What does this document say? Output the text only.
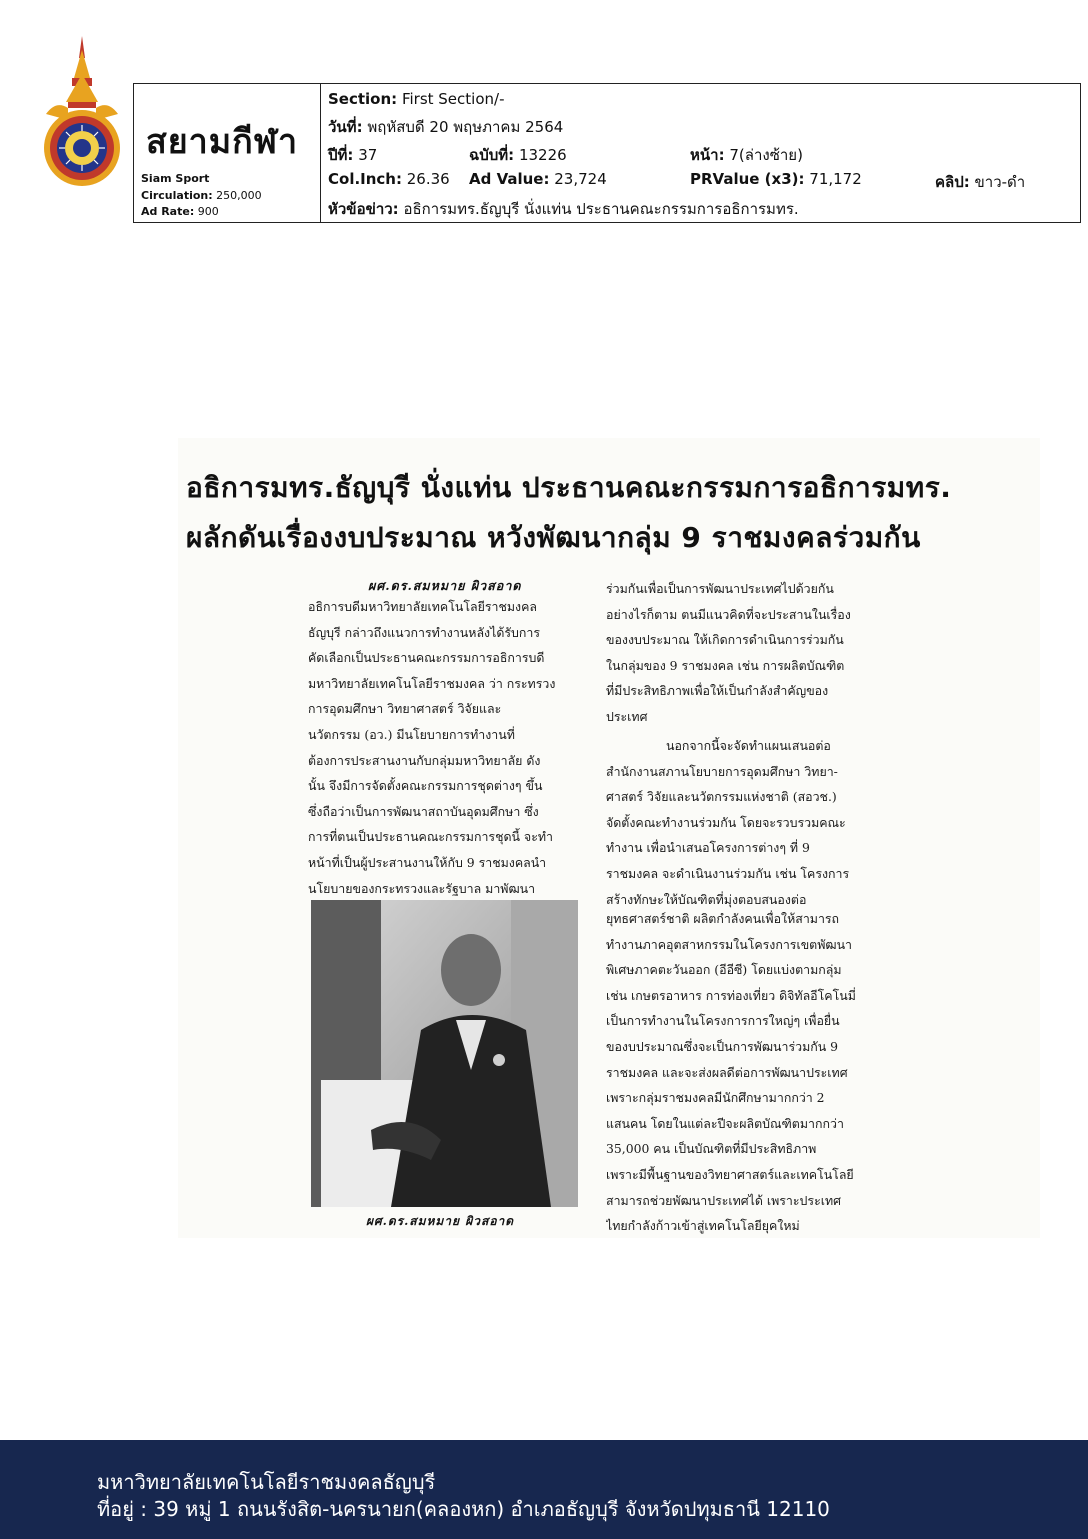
สยามกีฬา
Siam Sport
Circulation: 250,000
Ad Rate: 900
Section: First Section/-
วันที่: พฤหัสบดี 20 พฤษภาคม 2564
ปีที่: 37	ฉบับที่: 13226	หน้า: 7(ล่างซ้าย)
Col.Inch: 26.36 Ad Value: 23,724	PRValue (x3): 71,172	คลิป: ขาว-ดำ
หัวข้อข่าว: อธิการมทร.ธัญบุรี นั่งแท่น ประธานคณะกรรมการอธิการมทร.
อธิการมทร.ธัญบุรี นั่งแท่น ประธานคณะกรรมการอธิการมทร.
ผลักดันเรื่องงบประมาณ หวังพัฒนากลุ่ม 9 ราชมงคลร่วมกัน
ผศ.ดร.สมหมาย ผิวสอาด
อธิการบดีมหาวิทยาลัยเทคโนโลยีราชมงคล
ธัญบุรี กล่าวถึงแนวการทำงานหลังได้รับการ
คัดเลือกเป็นประธานคณะกรรมการอธิการบดี
มหาวิทยาลัยเทคโนโลยีราชมงคล ว่า กระทรวง
การอุดมศึกษา วิทยาศาสตร์ วิจัยและ
นวัตกรรม (อว.) มีนโยบายการทำงานที่
ต้องการประสานงานกับกลุ่มมหาวิทยาลัย ดัง
นั้น จึงมีการจัดตั้งคณะกรรมการชุดต่างๆ ขึ้น
ซึ่งถือว่าเป็นการพัฒนาสถาบันอุดมศึกษา ซึ่ง
การที่ตนเป็นประธานคณะกรรมการชุดนี้ จะทำ
หน้าที่เป็นผู้ประสานงานให้กับ 9 ราชมงคลนำ
นโยบายของกระทรวงและรัฐบาล มาพัฒนา
ร่วมกันเพื่อเป็นการพัฒนาประเทศไปด้วยกัน
อย่างไรก็ตาม ตนมีแนวคิดที่จะประสานในเรื่อง
ของงบประมาณ ให้เกิดการดำเนินการร่วมกัน
ในกลุ่มของ 9 ราชมงคล เช่น การผลิตบัณฑิต
ที่มีประสิทธิภาพเพื่อให้เป็นกำลังสำคัญของ
ประเทศ
นอกจากนี้จะจัดทำแผนเสนอต่อ
สำนักงานสภานโยบายการอุดมศึกษา วิทยา-
ศาสตร์ วิจัยและนวัตกรรมแห่งชาติ (สอวช.)
จัดตั้งคณะทำงานร่วมกัน โดยจะรวบรวมคณะ
ทำงาน เพื่อนำเสนอโครงการต่างๆ ที่ 9
ราชมงคล จะดำเนินงานร่วมกัน เช่น โครงการ
สร้างทักษะให้บัณฑิตที่มุ่งตอบสนองต่อ
ยุทธศาสตร์ชาติ ผลิตกำลังคนเพื่อให้สามารถ
ทำงานภาคอุตสาหกรรมในโครงการเขตพัฒนา
พิเศษภาคตะวันออก (อีอีซี) โดยแบ่งตามกลุ่ม
เช่น เกษตรอาหาร การท่องเที่ยว ดิจิทัลอีโคโนมี่
เป็นการทำงานในโครงการการใหญ่ๆ เพื่อยื่น
ของบประมาณซึ่งจะเป็นการพัฒนาร่วมกัน 9
ราชมงคล และจะส่งผลดีต่อการพัฒนาประเทศ
เพราะกลุ่มราชมงคลมีนักศึกษามากกว่า 2
แสนคน โดยในแต่ละปีจะผลิตบัณฑิตมากกว่า
35,000 คน เป็นบัณฑิตที่มีประสิทธิภาพ
เพราะมีพื้นฐานของวิทยาศาสตร์และเทคโนโลยี
สามารถช่วยพัฒนาประเทศได้ เพราะประเทศ
ไทยกำลังก้าวเข้าสู่เทคโนโลยียุคใหม่
ผศ.ดร.สมหมาย ผิวสอาด
มหาวิทยาลัยเทคโนโลยีราชมงคลธัญบุรี
ที่อยู่ : 39 หมู่ 1 ถนนรังสิต-นครนายก(คลองหก) อำเภอธัญบุรี จังหวัดปทุมธานี 12110
